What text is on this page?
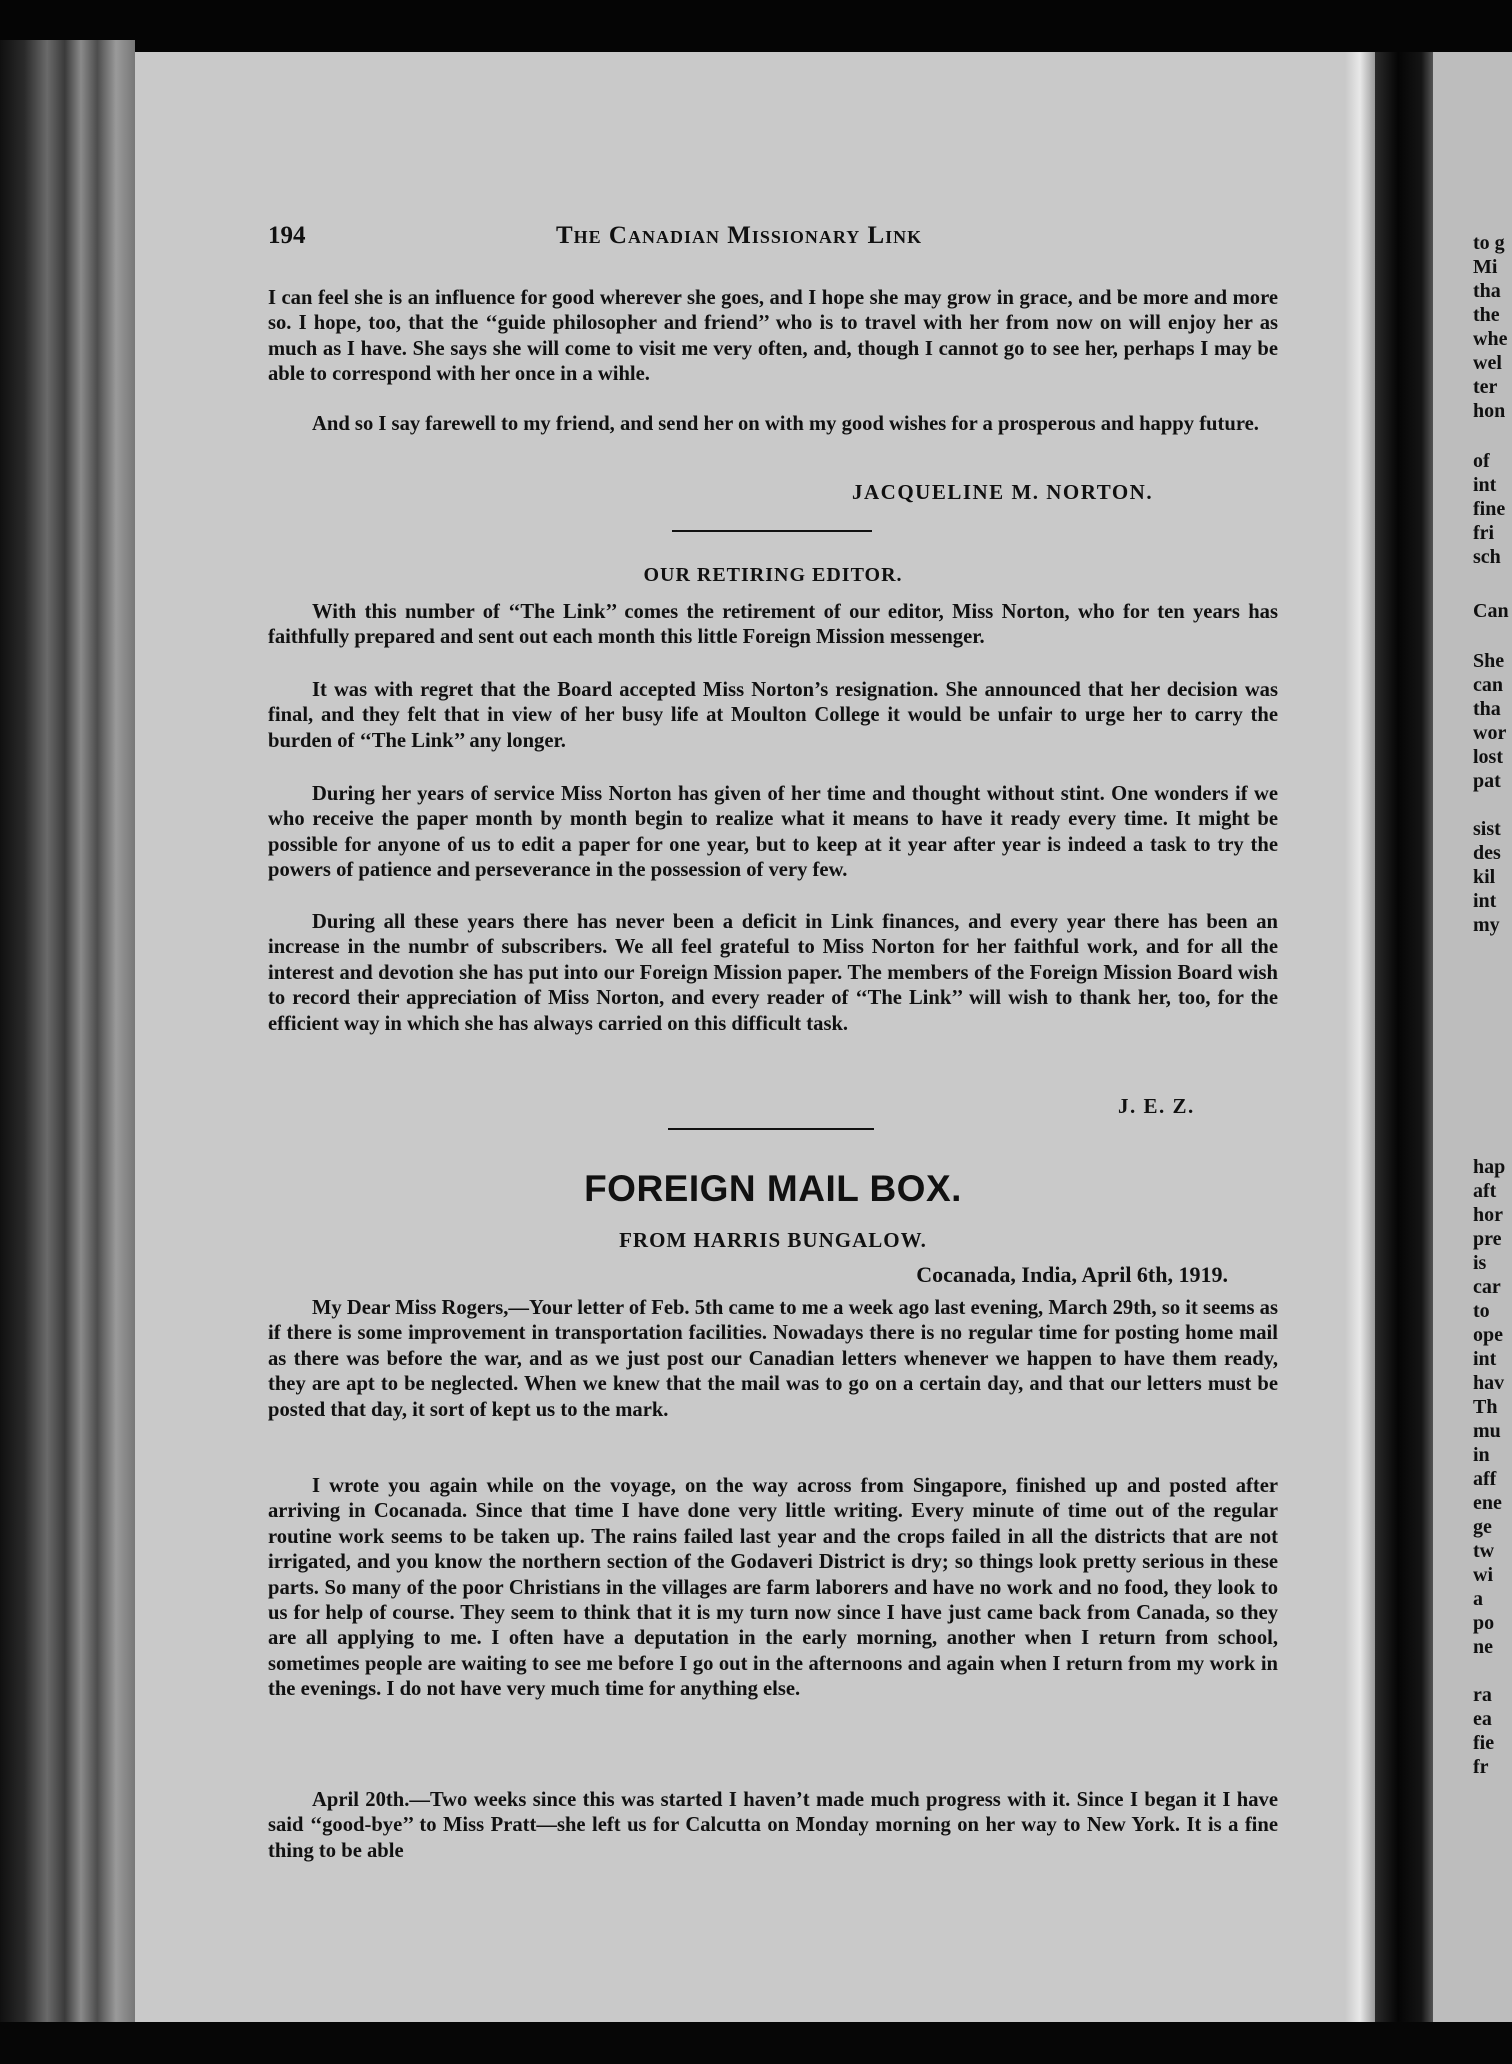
to g
Mi
tha
the
whe
wel
ter
hon
of
int
fine
fri
sch
Can
She
can
tha
wor
lost
pat
sist
des
kil
int
my
hap
aft
hor
pre
is
car
to
ope
int
hav
Th
mu
in
aff
ene
ge
tw
wi
a
po
ne
ra
ea
fie
fr
194	The Canadian Missionary Link
I can feel she is an influence for good wherever she goes, and I hope she may grow in grace, and be more and more so. I hope, too, that the ‘‘guide philosopher and friend’’ who is to travel with her from now on will enjoy her as much as I have. She says she will come to visit me very often, and, though I cannot go to see her, perhaps I may be able to correspond with her once in a wihle.
And so I say farewell to my friend, and send her on with my good wishes for a prosperous and happy future.
JACQUELINE M. NORTON.
OUR RETIRING EDITOR.
With this number of ‘‘The Link’’ comes the retirement of our editor, Miss Norton, who for ten years has faithfully prepared and sent out each month this little Foreign Mission messenger.
It was with regret that the Board accepted Miss Norton’s resignation. She announced that her decision was final, and they felt that in view of her busy life at Moulton College it would be unfair to urge her to carry the burden of ‘‘The Link’’ any longer.
During her years of service Miss Norton has given of her time and thought without stint. One wonders if we who receive the paper month by month begin to realize what it means to have it ready every time. It might be possible for anyone of us to edit a paper for one year, but to keep at it year after year is indeed a task to try the powers of patience and perseverance in the possession of very few.
During all these years there has never been a deficit in Link finances, and every year there has been an increase in the numbr of subscribers. We all feel grateful to Miss Norton for her faithful work, and for all the interest and devotion she has put into our Foreign Mission paper. The members of the Foreign Mission Board wish to record their appreciation of Miss Norton, and every reader of ‘‘The Link’’ will wish to thank her, too, for the efficient way in which she has always carried on this difficult task.
J. E. Z.
FOREIGN MAIL BOX.
FROM HARRIS BUNGALOW.
Cocanada, India, April 6th, 1919.
My Dear Miss Rogers,—Your letter of Feb. 5th came to me a week ago last evening, March 29th, so it seems as if there is some improvement in transportation facilities. Nowadays there is no regular time for posting home mail as there was before the war, and as we just post our Canadian letters whenever we happen to have them ready, they are apt to be neglected. When we knew that the mail was to go on a certain day, and that our letters must be posted that day, it sort of kept us to the mark.
I wrote you again while on the voyage, on the way across from Singapore, finished up and posted after arriving in Cocanada. Since that time I have done very little writing. Every minute of time out of the regular routine work seems to be taken up. The rains failed last year and the crops failed in all the districts that are not irrigated, and you know the northern section of the Godaveri District is dry; so things look pretty serious in these parts. So many of the poor Christians in the villages are farm laborers and have no work and no food, they look to us for help of course. They seem to think that it is my turn now since I have just came back from Canada, so they are all applying to me. I often have a deputation in the early morning, another when I return from school, sometimes people are waiting to see me before I go out in the afternoons and again when I return from my work in the evenings. I do not have very much time for anything else.
April 20th.—Two weeks since this was started I haven’t made much progress with it. Since I began it I have said ‘‘good-bye’’ to Miss Pratt—she left us for Calcutta on Monday morning on her way to New York. It is a fine thing to be able
